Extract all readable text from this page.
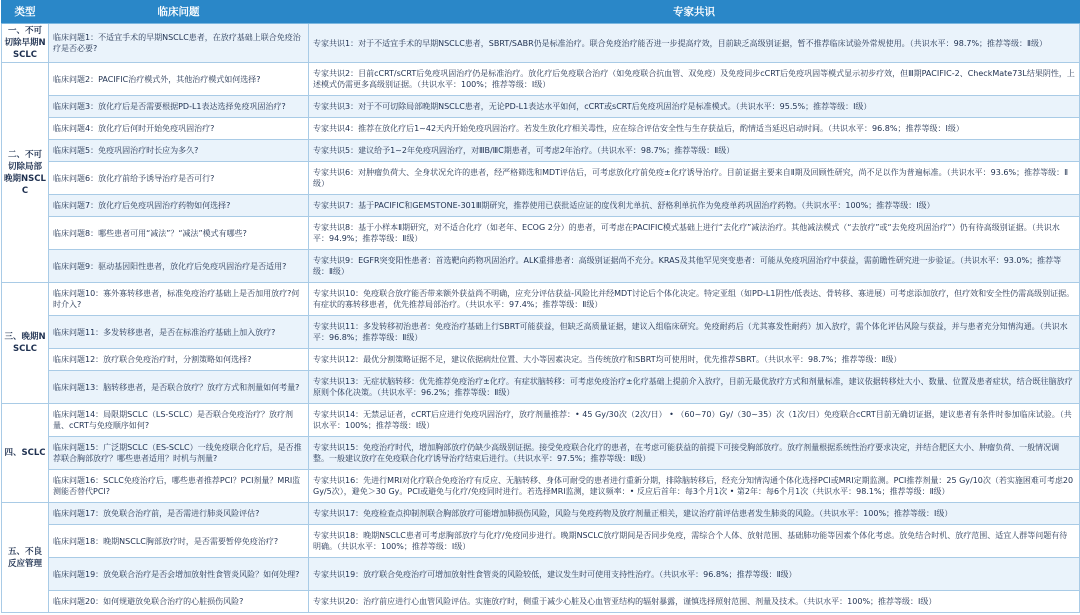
类型	临床问题	专家共识
一、不可切除早期NSCLC	临床问题1：不适宜手术的早期NSCLC患者，在放疗基础上联合免疫治疗是否必要?	专家共识1：对于不适宜手术的早期NSCLC患者，SBRT/SABR仍是标准治疗。联合免疫治疗能否进一步提高疗效，目前缺乏高级别证据，暂不推荐临床试验外常规使用。（共识水平：98.7%；推荐等级：Ⅱ级）
二、不可切除局部晚期NSCLC	临床问题2：PACIFIC治疗模式外，其他治疗模式如何选择?	专家共识2：目前cCRT/sCRT后免疫巩固治疗仍是标准治疗。放化疗后免疫联合治疗（如免疫联合抗血管、双免疫）及免疫同步cCRT后免疫巩固等模式显示初步疗效，但Ⅲ期PACIFIC-2、CheckMate73L结果阴性，上述模式仍需更多高级别证据。（共识水平：100%；推荐等级：Ⅰ级）
	临床问题3：放化疗后是否需要根据PD-L1表达选择免疫巩固治疗?	专家共识3：对于不可切除局部晚期NSCLC患者，无论PD-L1表达水平如何，cCRT或sCRT后免疫巩固治疗是标准模式。（共识水平：95.5%；推荐等级：Ⅰ级）
	临床问题4：放化疗后何时开始免疫巩固治疗?	专家共识4：推荐在放化疗后1~42天内开始免疫巩固治疗。若发生放化疗相关毒性，应在综合评估安全性与生存获益后，酌情适当延迟启动时间。（共识水平：96.8%；推荐等级：Ⅰ级）
	临床问题5：免疫巩固治疗时长应为多久?	专家共识5：建议给予1~2年免疫巩固治疗，对ⅢB/ⅢC期患者，可考虑2年治疗。（共识水平：98.7%；推荐等级：Ⅱ级）
	临床问题6：放化疗前给予诱导治疗是否可行?	专家共识6：对肿瘤负荷大、全身状况允许的患者，经严格筛选和MDT评估后，可考虑放化疗前免疫±化疗诱导治疗。目前证据主要来自Ⅱ期及回顾性研究，尚不足以作为普遍标准。（共识水平：93.6%；推荐等级：Ⅱ级）
	临床问题7：放化疗后免疫巩固治疗药物如何选择?	专家共识7：基于PACIFIC和GEMSTONE-301Ⅲ期研究，推荐使用已获批适应证的度伐利尤单抗、舒格利单抗作为免疫单药巩固治疗药物。（共识水平：100%；推荐等级：Ⅰ级）
	临床问题8：哪些患者可用“减法”？“减法”模式有哪些?	专家共识8：基于小样本Ⅱ期研究，对不适合化疗（如老年、ECOG 2分）的患者，可考虑在PACIFIC模式基础上进行“去化疗”减法治疗。其他减法模式（“去放疗”或“去免疫巩固治疗”）仍有待高级别证据。（共识水平：94.9%；推荐等级：Ⅱ级）
	临床问题9：驱动基因阳性患者，放化疗后免疫巩固治疗是否适用?	专家共识9：EGFR突变阳性患者：首选靶向药物巩固治疗。ALK重排患者：高级别证据尚不充分。KRAS及其他罕见突变患者：可能从免疫巩固治疗中获益，需前瞻性研究进一步验证。（共识水平：93.0%；推荐等级：Ⅱ级）
三、晚期NSCLC	临床问题10：寡外寡转移患者，标准免疫治疗基础上是否加用放疗?何时介入?	专家共识10：免疫联合放疗能否带来额外获益尚不明确，应充分评估获益-风险比并经MDT讨论后个体化决定。特定亚组（如PD-L1阴性/低表达、骨转移、寡进展）可考虑添加放疗，但疗效和安全性仍需高级别证据。有症状的寡转移患者，优先推荐局部治疗。（共识水平：97.4%；推荐等级：Ⅱ级）
	临床问题11：多发转移患者，是否在标准治疗基础上加入放疗?	专家共识11：多发转移初治患者：免疫治疗基础上行SBRT可能获益，但缺乏高质量证据，建议入组临床研究。免疫耐药后（尤其寡发性耐药）加入放疗，需个体化评估风险与获益，并与患者充分知情沟通。（共识水平：96.8%；推荐等级：Ⅱ级）
	临床问题12：放疗联合免疫治疗时，分割策略如何选择?	专家共识12：最优分割策略证据不足，建议依据病灶位置、大小等因素决定。当传统放疗和SBRT均可使用时，优先推荐SBRT。（共识水平：98.7%；推荐等级：Ⅱ级）
	临床问题13：脑转移患者，是否联合放疗？放疗方式和剂量如何考量?	专家共识13：无症状脑转移：优先推荐免疫治疗±化疗。有症状脑转移：可考虑免疫治疗±化疗基础上提前介入放疗，目前无最优放疗方式和剂量标准，建议依据转移灶大小、数量、位置及患者症状，结合既往脑放疗原则个体化决策。（共识水平：96.2%；推荐等级：Ⅱ级）
四、SCLC	临床问题14：局限期SCLC（LS-SCLC）是否联合免疫治疗？放疗剂量、cCRT与免疫顺序如何?	专家共识14：无禁忌证者，cCRT后应进行免疫巩固治疗，放疗剂量推荐：• 45 Gy/30次（2次/日） • （60~70）Gy/（30~35）次（1次/日）免疫联合cCRT目前无确切证据，建议患者有条件时参加临床试验。（共识水平：100%；推荐等级：Ⅰ级）
	临床问题15：广泛期SCLC（ES-SCLC）一线免疫联合化疗后，是否推荐联合胸部放疗？哪些患者适用？时机与剂量?	专家共识15：免疫治疗时代，增加胸部放疗仍缺少高级别证据。接受免疫联合化疗的患者，在考虑可能获益的前提下可接受胸部放疗。放疗剂量根据系统性治疗要求决定，并结合肥区大小、肿瘤负荷、一般情况调整。一般建议放疗在免疫联合化疗诱导治疗结束后进行。（共识水平：97.5%；推荐等级：Ⅱ级）
	临床问题16：SCLC免疫治疗后，哪些患者推荐PCI？PCI剂量？MRI监测能否替代PCI?	专家共识16：先进行MRI对化疗联合免疫治疗有反应、无脑转移、身体可耐受的患者进行重新分期，排除脑转移后，经充分知情沟通个体化选择PCI或MRI定期监测。PCI推荐剂量：25 Gy/10次（若实施困难可考虑20 Gy/5次），避免＞30 Gy。PCI或避免与化疗/免疫同时进行。若选择MRI监测，建议频率：• 反应后首年：每3个月1次 • 第2年：每6个月1次（共识水平：98.1%；推荐等级：Ⅱ级）
五、不良反应管理	临床问题17：放免联合治疗前，是否需进行肺炎风险评估?	专家共识17：免疫检查点抑制剂联合胸部放疗可能增加肺损伤风险，风险与免疫药物及放疗剂量正相关，建议治疗前评估患者发生肺炎的风险。（共识水平：100%；推荐等级：Ⅰ级）
	临床问题18：晚期NSCLC胸部放疗时，是否需要暂停免疫治疗?	专家共识18：晚期NSCLC患者可考虑胸部放疗与化疗/免疫同步进行。晚期NSCLC放疗期间是否同步免疫，需综合个人体、放射范围、基础肺功能等因素个体化考虑。放免结合时机、放疗范围、适宜人群等问题有待明确。（共识水平：100%；推荐等级：Ⅰ级）
	临床问题19：放免联合治疗是否会增加放射性食管炎风险？如何处理?	专家共识19：放疗联合免疫治疗可增加放射性食管炎的风险较低，建议发生时可使用支持性治疗。（共识水平：96.8%；推荐等级：Ⅱ级）
	临床问题20：如何规避放免联合治疗的心脏损伤风险?	专家共识20：治疗前应进行心血管风险评估。实施放疗时，侧重于减少心脏及心血管亚结构的辐射暴露，谨慎选择照射范围、剂量及技术。（共识水平：100%；推荐等级：Ⅰ级）
